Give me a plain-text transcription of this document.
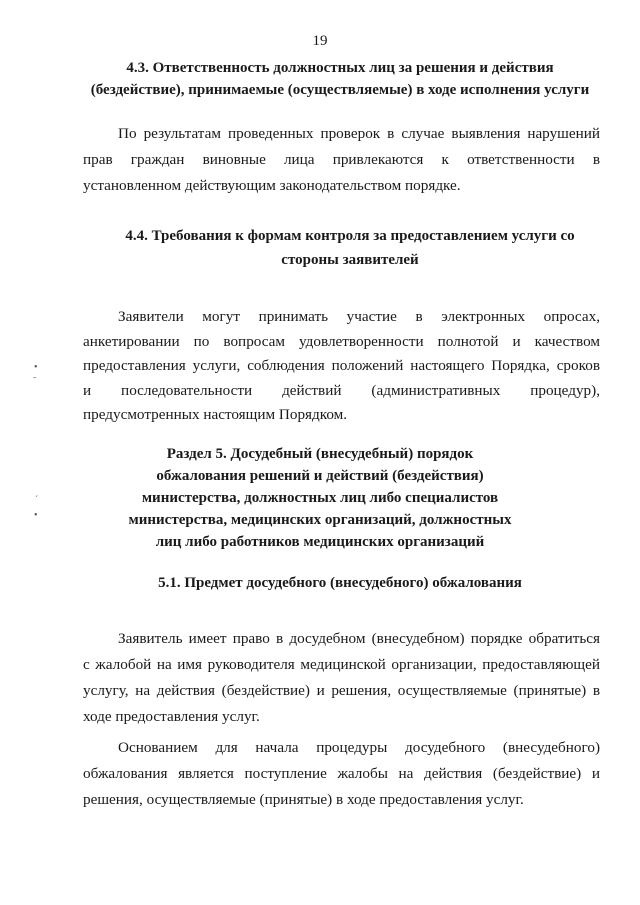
19
4.3. Ответственность должностных лиц за решения и действия
(бездействие), принимаемые (осуществляемые) в ходе исполнения услуги
По результатам проведенных проверок в случае выявления нарушений
прав граждан виновные лица привлекаются к ответственности в
установленном действующим законодательством порядке.
4.4. Требования к формам контроля за предоставлением услуги со
стороны заявителей
Заявители могут принимать участие в электронных опросах,
анкетировании по вопросам удовлетворенности полнотой и качеством
предоставления услуги, соблюдения положений настоящего Порядка, сроков
и последовательности действий (административных процедур),
предусмотренных настоящим Порядком.
Раздел 5. Досудебный (внесудебный) порядок
обжалования решений и действий (бездействия)
министерства, должностных лиц либо специалистов
министерства, медицинских организаций, должностных
лиц либо работников медицинских организаций
5.1. Предмет досудебного (внесудебного) обжалования
Заявитель имеет право в досудебном (внесудебном) порядке обратиться
с жалобой на имя руководителя медицинской организации, предоставляющей
услугу, на действия (бездействие) и решения, осуществляемые (принятые) в
ходе предоставления услуг.
Основанием для начала процедуры досудебного (внесудебного)
обжалования является поступление жалобы на действия (бездействие) и
решения, осуществляемые (принятые) в ходе предоставления услуг.
•
ˉ
ˊ
•
